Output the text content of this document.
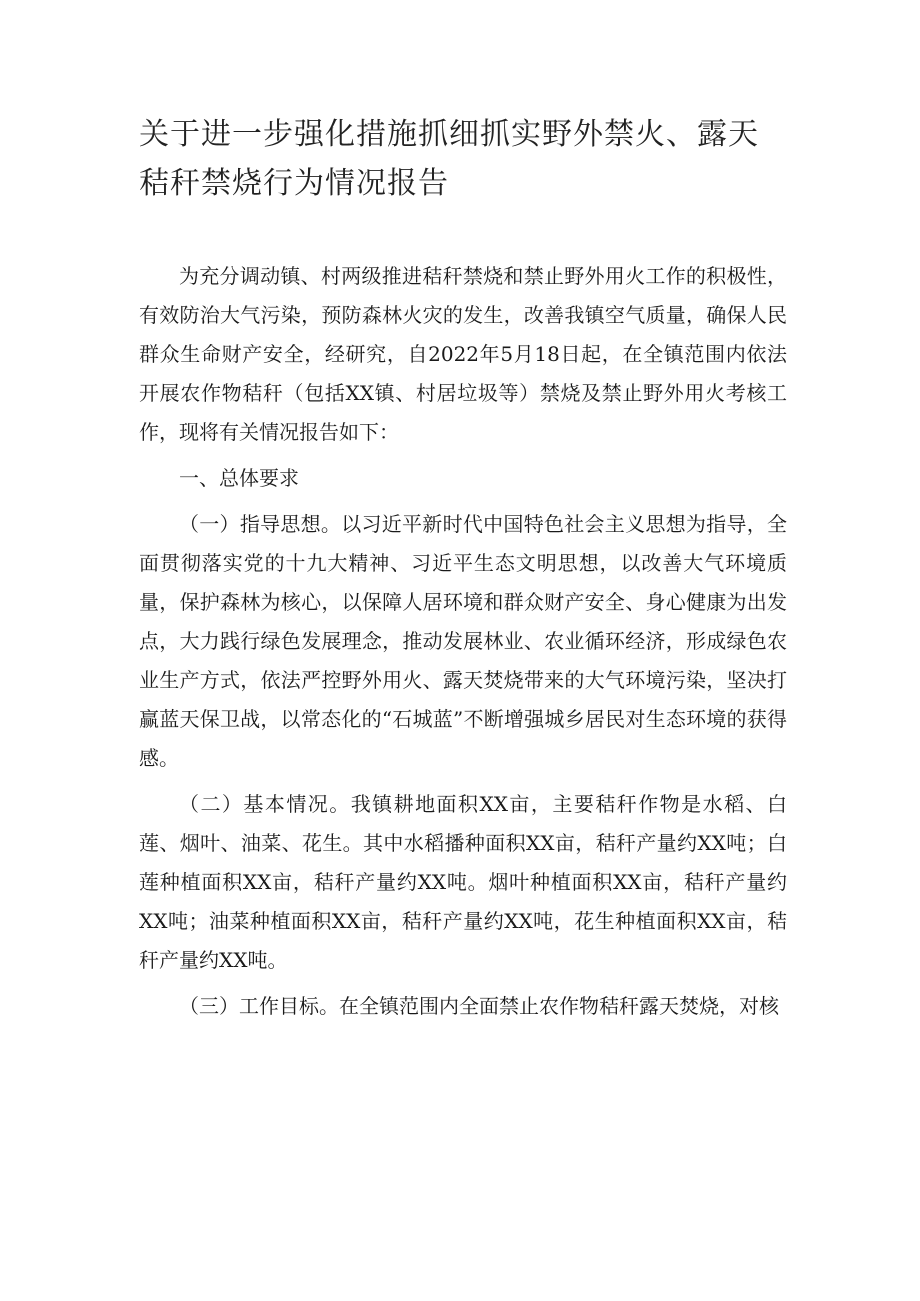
关于进一步强化措施抓细抓实野外禁火、露天
秸秆禁烧行为情况报告

为充分调动镇、村两级推进秸秆禁烧和禁止野外用火工作的积极性，有效防治大气污染，预防森林火灾的发生，改善我镇空气质量，确保人民群众生命财产安全，经研究，自2022年5月18日起，在全镇范围内依法开展农作物秸秆（包括XX镇、村居垃圾等）禁烧及禁止野外用火考核工作，现将有关情况报告如下：

一、总体要求

（一）指导思想。以习近平新时代中国特色社会主义思想为指导，全面贯彻落实党的十九大精神、习近平生态文明思想，以改善大气环境质量，保护森林为核心，以保障人居环境和群众财产安全、身心健康为出发点，大力践行绿色发展理念，推动发展林业、农业循环经济，形成绿色农业生产方式，依法严控野外用火、露天焚烧带来的大气环境污染，坚决打赢蓝天保卫战，以常态化的“石城蓝”不断增强城乡居民对生态环境的获得感。

（二）基本情况。我镇耕地面积XX亩，主要秸秆作物是水稻、白莲、烟叶、油菜、花生。其中水稻播种面积XX亩，秸秆产量约XX吨；白莲种植面积XX亩，秸秆产量约XX吨。烟叶种植面积XX亩，秸秆产量约XX吨；油菜种植面积XX亩，秸秆产量约XX吨，花生种植面积XX亩，秸秆产量约XX吨。

（三）工作目标。在全镇范围内全面禁止农作物秸秆露天焚烧，对核
